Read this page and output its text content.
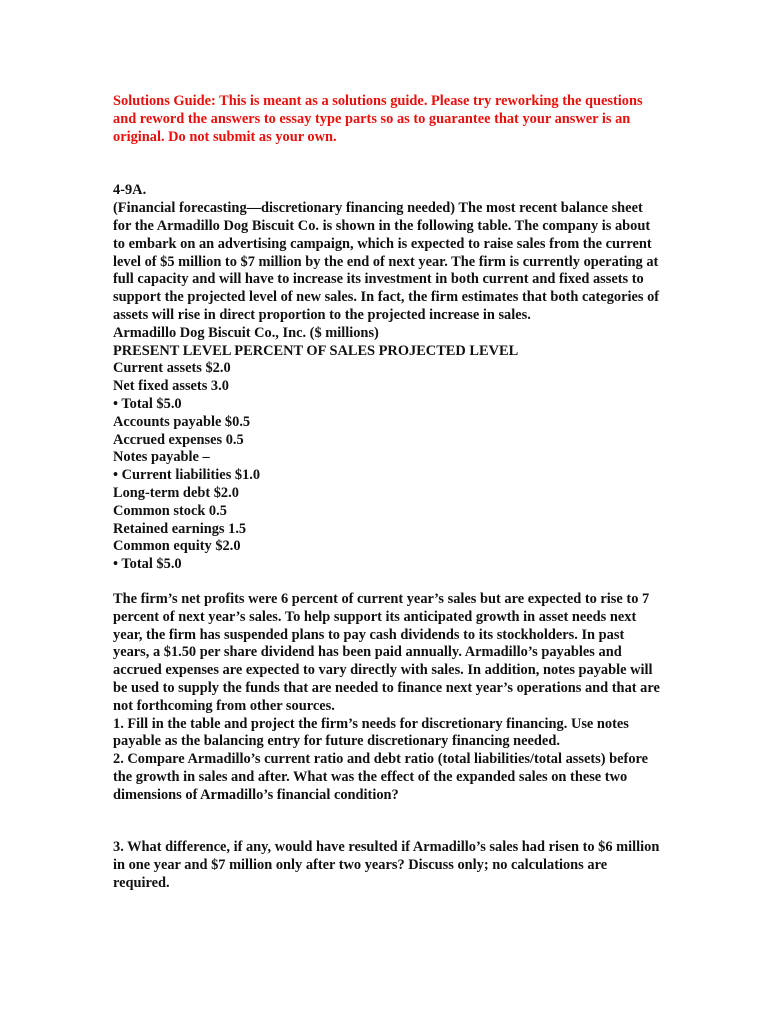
Solutions Guide: This is meant as a solutions guide. Please try reworking the questions and reword the answers to essay type parts so as to guarantee that your answer is an original. Do not submit as your own.

4-9A.

(Financial forecasting—discretionary financing needed) The most recent balance sheet for the Armadillo Dog Biscuit Co. is shown in the following table. The company is about to embark on an advertising campaign, which is expected to raise sales from the current level of $5 million to $7 million by the end of next year. The firm is currently operating at full capacity and will have to increase its investment in both current and fixed assets to support the projected level of new sales. In fact, the firm estimates that both categories of assets will rise in direct proportion to the projected increase in sales.

Armadillo Dog Biscuit Co., Inc. ($ millions)

PRESENT LEVEL PERCENT OF SALES PROJECTED LEVEL
Current assets $2.0
Net fixed assets 3.0
• Total $5.0
Accounts payable $0.5
Accrued expenses 0.5
Notes payable –
• Current liabilities $1.0
Long-term debt $2.0
Common stock 0.5
Retained earnings 1.5
Common equity $2.0
• Total $5.0

The firm’s net profits were 6 percent of current year’s sales but are expected to rise to 7 percent of next year’s sales. To help support its anticipated growth in asset needs next year, the firm has suspended plans to pay cash dividends to its stockholders. In past years, a $1.50 per share dividend has been paid annually. Armadillo’s payables and accrued expenses are expected to vary directly with sales. In addition, notes payable will be used to supply the funds that are needed to finance next year’s operations and that are not forthcoming from other sources.

1. Fill in the table and project the firm’s needs for discretionary financing. Use notes payable as the balancing entry for future discretionary financing needed.

2. Compare Armadillo’s current ratio and debt ratio (total liabilities/total assets) before the growth in sales and after. What was the effect of the expanded sales on these two dimensions of Armadillo’s financial condition?

3. What difference, if any, would have resulted if Armadillo’s sales had risen to $6 million in one year and $7 million only after two years? Discuss only; no calculations are required.
